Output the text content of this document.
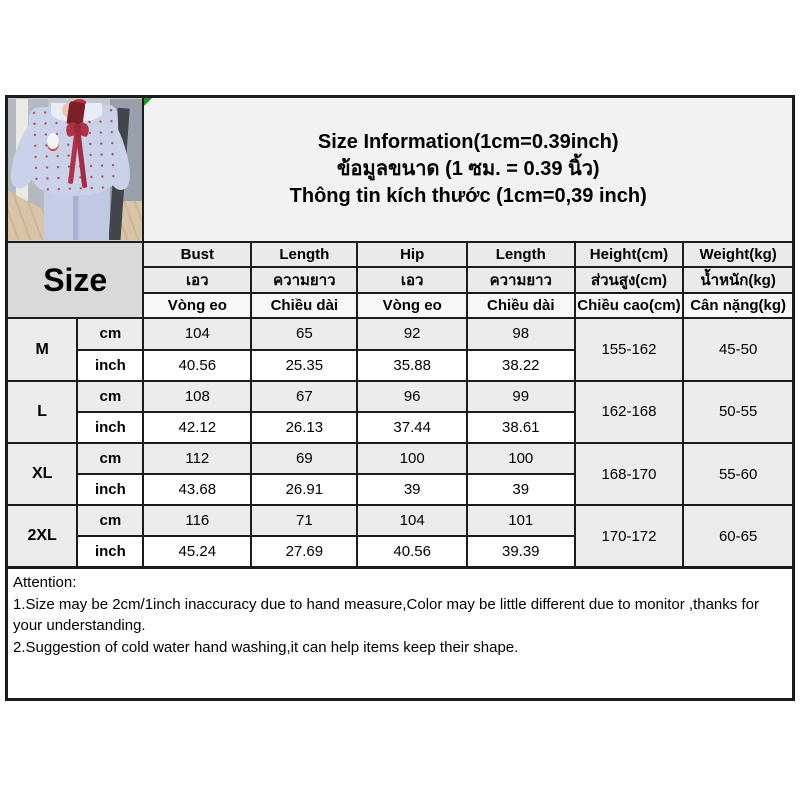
		Size Information(1cm=0.39inch)
ข้อมูลขนาด (1 ซม. = 0.39 นิ้ว)
Thông tin kích thước (1cm=0,39 inch)					

Size		Bust	Length	Hip	Length	Height(cm)	Weight(kg)
		เอว	ความยาว	เอว	ความยาว	ส่วนสูง(cm)	น้ำหนัก(kg)
		Vòng eo	Chiều dài	Vòng eo	Chiều dài	Chiều cao(cm)	Cân nặng(kg)
M	cm	104	65	92	98	155-162	45-50
	inch	40.56	25.35	35.88	38.22		
L	cm	108	67	96	99	162-168	50-55
	inch	42.12	26.13	37.44	38.61		
XL	cm	112	69	100	100	168-170	55-60
	inch	43.68	26.91	39	39		
2XL	cm	116	71	104	101	170-172	60-65
	inch	45.24	27.69	40.56	39.39		
Attention:
1.Size may be 2cm/1inch inaccuracy due to hand measure,Color may be little different due to monitor ,thanks for your understanding.
2.Suggestion of cold water hand washing,it can help items keep their shape.
